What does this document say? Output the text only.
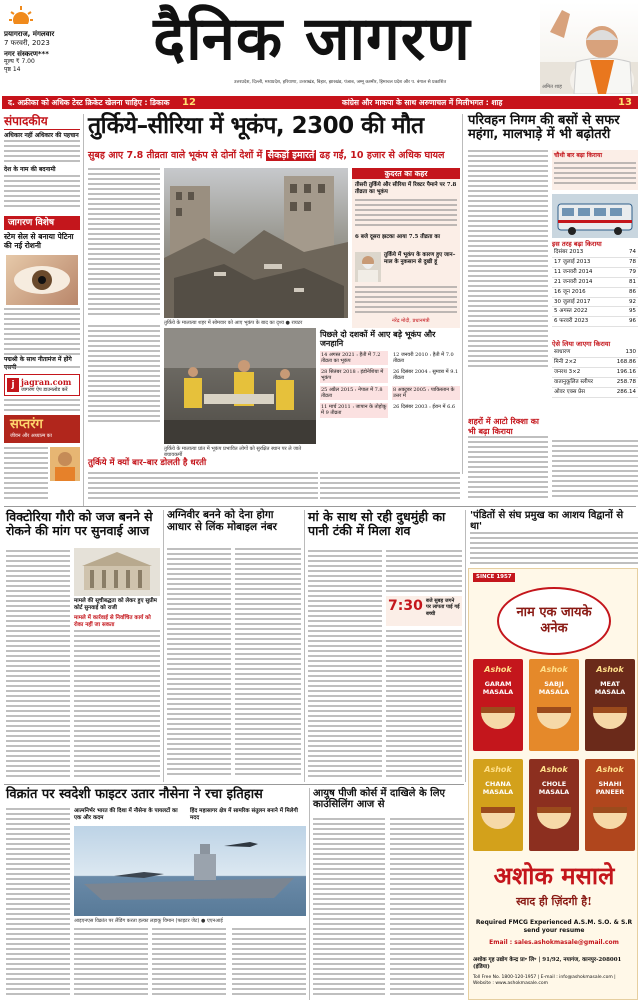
प्रयागराज, मंगलवार
7 फरवरी, 2023
नगर संस्करण***
मूल्य ₹ 7.00
पृष्ठ 14	दैनिक जागरण
उत्तरप्रदेश, दिल्ली, मध्यप्रदेश, हरियाणा, उत्तराखंड, बिहार, झारखंड, पंजाब, जम्मू कश्मीर, हिमाचल प्रदेश और प. बंगाल से प्रकाशित
अमित शाह
द. अफ्रीका को अधिक टेस्ट क्रिकेट खेलना चाहिए : डिकाक 12	कांग्रेस और माकपा के साथ अरुणाचल में मिलीभगत : शाह	13
संपादकीय
अधिकार नहीं अधिकार की पहचान
देश के नाम की बदनामी
जागरण विशेष
स्टेम सेल से बनाया पेटिना की नई रोशनी
पद्मश्री के साथ नीतामंज में होंगे
j jagran.com
जागरण ऐप डाउनलोड करें
सप्तरंग
जीवन और अध्यात्म का
तुर्किये–सीरिया में भूकंप, 2300 की मौत
सुबह आए 7.8 तीव्रता वाले भूकंप से दोनों देशों में सैकड़ों इमारतें ढह गईं, 10 हजार से अधिक घायल
तुर्किये के मालात्या शहर में सोमवार को आए भूकंप के बाद का दृश्य ● रायटर
कुदरत का कहर
तीसरी तुर्किये और सीरिया में रिक्टर पैमाने पर 7.8 तीव्रता का भूकंप
6 बजे दूसरा झटका आया 7.5 तीव्रता का
तुर्किये में भूकंप के कारण हुए जान–माल के नुकसान से दुखी हूं
नरेंद्र मोदी, प्रधानमंत्री
तुर्किये के मालात्या प्रांत में भूकंप प्रभावित लोगों को सुरक्षित स्थान पर ले जाते बचावकर्मी
पिछले दो दशकों में आए बड़े भूकंप और जनहानि
14 अगस्त 2021 : हैती में 7.2 तीव्रता का भूकंप
28 सितंबर 2018 : इंडोनेशिया में भूकंप
25 अप्रैल 2015 : नेपाल में 7.8 तीव्रता
11 मार्च 2011 : जापान के तोहोकू में 9 तीव्रता
12 जनवरी 2010 : हैती में 7.0 तीव्रता
26 दिसंबर 2004 : सुमात्रा में 9.1 तीव्रता
8 अक्टूबर 2005 : पाकिस्तान के उत्तर में
26 दिसंबर 2003 : ईरान में 6.6
तुर्किये में क्यों बार–बार डोलती है धरती
परिवहन निगम की बसों से सफर महंगा, मालभाड़े में भी बढ़ोतरी
चौथी बार बढ़ा किराया
इस तरह बढ़ा किराया
दिसंबर 2013	74
17 जुलाई 2013	78
11 जनवरी 2014	79
21 जनवरी 2014	81
16 जून 2016	86
30 जुलाई 2017	92
5 अगस्त 2022	95
6 फरवरी 2023	96
ऐसे लिया जाएगा किराया
साधारण	130
मिनी 2×2	168.86
जनरथ 3×2	196.16
वातानुकूलित स्लीपर	258.78
ओवर एक्स प्रेस	286.14
शहरों में आटो रिक्शा का भी बढ़ा किराया
विक्टोरिया गौरी को जज बनने से रोकने की मांग पर सुनवाई आज
मामले की सूचीबद्धता को लेकर हुए सुप्रीम कोर्ट सुनवाई को राजी
मामले में कार्रवाई से निर्वाचित कार्य को रोका नहीं जा सकता
अग्निवीर बनने को देना होगा आधार से लिंक मोबाइल नंबर
मां के साथ सो रही दुधमुंही का पानी टंकी में मिला शव
7:30 बजे सुबह जगने पर लापता पाई गई बच्ची
'पंडितों से संघ प्रमुख का आशय विद्वानों से था'
विक्रांत पर स्वदेशी फाइटर उतार नौसेना ने रचा इतिहास
आत्मनिर्भर भारत की दिशा में नौसेना के पायलटों का एक और कदम
हिंद महासागर क्षेत्र में सामरिक संतुलन बनाने में मिलेगी मदद
आइएनएस विक्रांत पर लैंडिंग करता हल्का लड़ाकू विमान (फाइटर जेट) ● एएनआई
आयुष पीजी कोर्स में दाखिले के लिए काउंसिलिंग आज से
SINCE 1957
नाम एक जायके अनेक
Ashok
GARAM MASALA
Ashok
SABJI MASALA
Ashok
MEAT MASALA
Ashok
CHANA MASALA
Ashok
CHOLE MASALA
Ashok
SHAHI PANEER
अशोक मसाले
स्वाद ही ज़िंदगी है!
Required FMCG Experienced A.S.M. S.O. & S.R send your resume
Email : sales.ashokmasale@gmail.com
अशोक गृह उद्योग केन्द्र प्रा॰ लि॰ | 91/92, नयागंज, कानपुर-208001 (इंडिया)
Toll Free No. 1800-120-1957 | E-mail : info@ashokmasale.com | Website : www.ashokmasale.com
